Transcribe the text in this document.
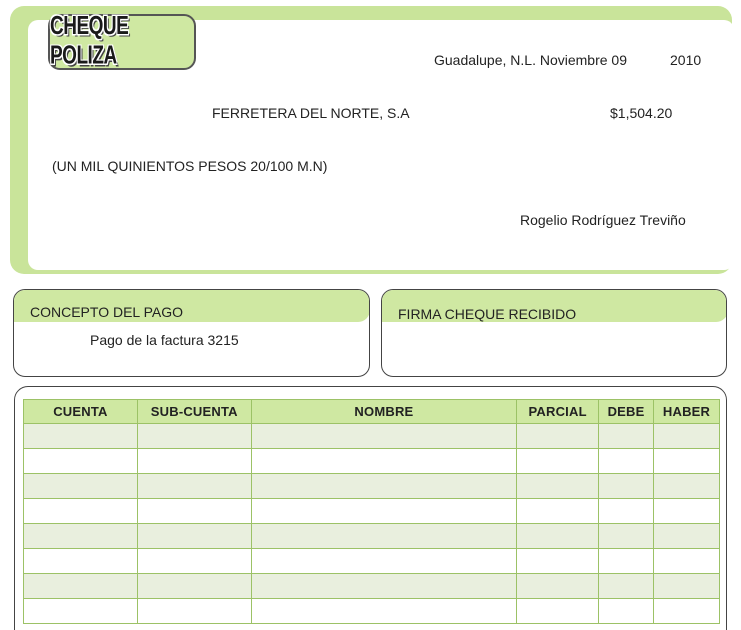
CHEQUE POLIZA	Guadalupe, N.L. Noviembre 09	2010
FERRETERA DEL NORTE, S.A	$1,504.20
(UN MIL QUINIENTOS PESOS 20/100 M.N)
Rogelio Rodríguez Treviño
CONCEPTO DEL PAGO
Pago de la factura 3215
FIRMA CHEQUE RECIBIDO
CUENTA	SUB-CUENTA	NOMBRE	PARCIAL	DEBE	HABER
